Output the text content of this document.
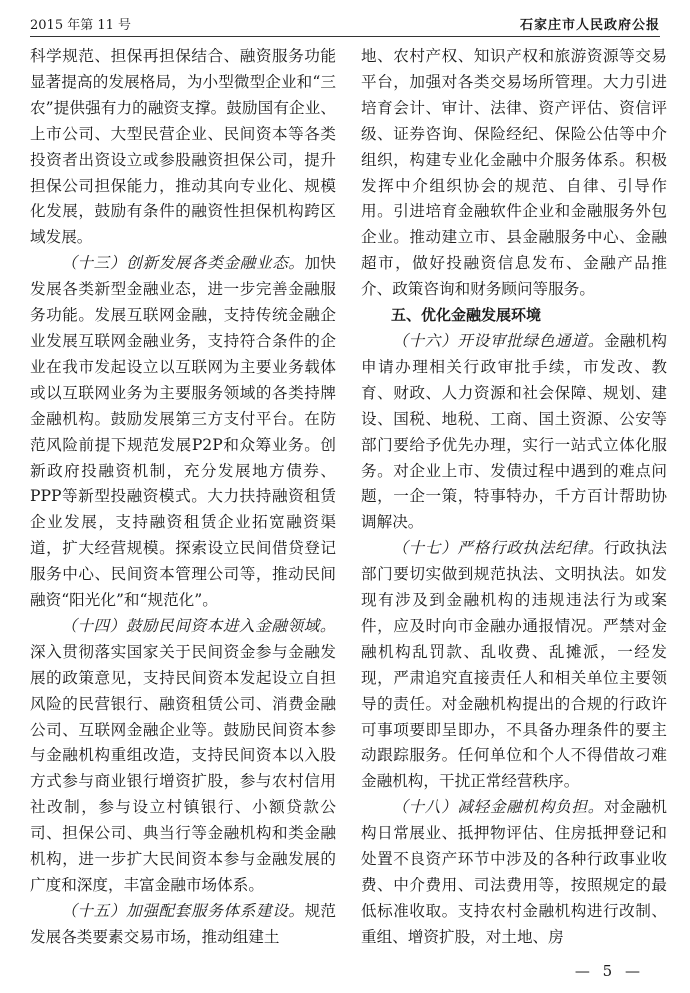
2015 年第 11 号	石家庄市人民政府公报

科学规范、担保再担保结合、融资服务功能显著提高的发展格局，为小型微型企业和“三农”提供强有力的融资支撑。鼓励国有企业、上市公司、大型民营企业、民间资本等各类投资者出资设立或参股融资担保公司，提升担保公司担保能力，推动其向专业化、规模化发展，鼓励有条件的融资性担保机构跨区域发展。

（十三）创新发展各类金融业态。加快发展各类新型金融业态，进一步完善金融服务功能。发展互联网金融，支持传统金融企业发展互联网金融业务，支持符合条件的企业在我市发起设立以互联网为主要业务载体或以互联网业务为主要服务领域的各类持牌金融机构。鼓励发展第三方支付平台。在防范风险前提下规范发展P2P和众筹业务。创新政府投融资机制，充分发展地方债券、PPP等新型投融资模式。大力扶持融资租赁企业发展，支持融资租赁企业拓宽融资渠道，扩大经营规模。探索设立民间借贷登记服务中心、民间资本管理公司等，推动民间融资“阳光化”和“规范化”。

（十四）鼓励民间资本进入金融领域。深入贯彻落实国家关于民间资金参与金融发展的政策意见，支持民间资本发起设立自担风险的民营银行、融资租赁公司、消费金融公司、互联网金融企业等。鼓励民间资本参与金融机构重组改造，支持民间资本以入股方式参与商业银行增资扩股，参与农村信用社改制，参与设立村镇银行、小额贷款公司、担保公司、典当行等金融机构和类金融机构，进一步扩大民间资本参与金融发展的广度和深度，丰富金融市场体系。

（十五）加强配套服务体系建设。规范发展各类要素交易市场，推动组建土

地、农村产权、知识产权和旅游资源等交易平台，加强对各类交易场所管理。大力引进培育会计、审计、法律、资产评估、资信评级、证券咨询、保险经纪、保险公估等中介组织，构建专业化金融中介服务体系。积极发挥中介组织协会的规范、自律、引导作用。引进培育金融软件企业和金融服务外包企业。推动建立市、县金融服务中心、金融超市，做好投融资信息发布、金融产品推介、政策咨询和财务顾问等服务。

五、优化金融发展环境

（十六）开设审批绿色通道。金融机构申请办理相关行政审批手续，市发改、教育、财政、人力资源和社会保障、规划、建设、国税、地税、工商、国土资源、公安等部门要给予优先办理，实行一站式立体化服务。对企业上市、发债过程中遇到的难点问题，一企一策，特事特办，千方百计帮助协调解决。

（十七）严格行政执法纪律。行政执法部门要切实做到规范执法、文明执法。如发现有涉及到金融机构的违规违法行为或案件，应及时向市金融办通报情况。严禁对金融机构乱罚款、乱收费、乱摊派，一经发现，严肃追究直接责任人和相关单位主要领导的责任。对金融机构提出的合规的行政许可事项要即呈即办，不具备办理条件的要主动跟踪服务。任何单位和个人不得借故刁难金融机构，干扰正常经营秩序。

（十八）减轻金融机构负担。对金融机构日常展业、抵押物评估、住房抵押登记和处置不良资产环节中涉及的各种行政事业收费、中介费用、司法费用等，按照规定的最低标准收取。支持农村金融机构进行改制、重组、增资扩股，对土地、房

— 5 —
